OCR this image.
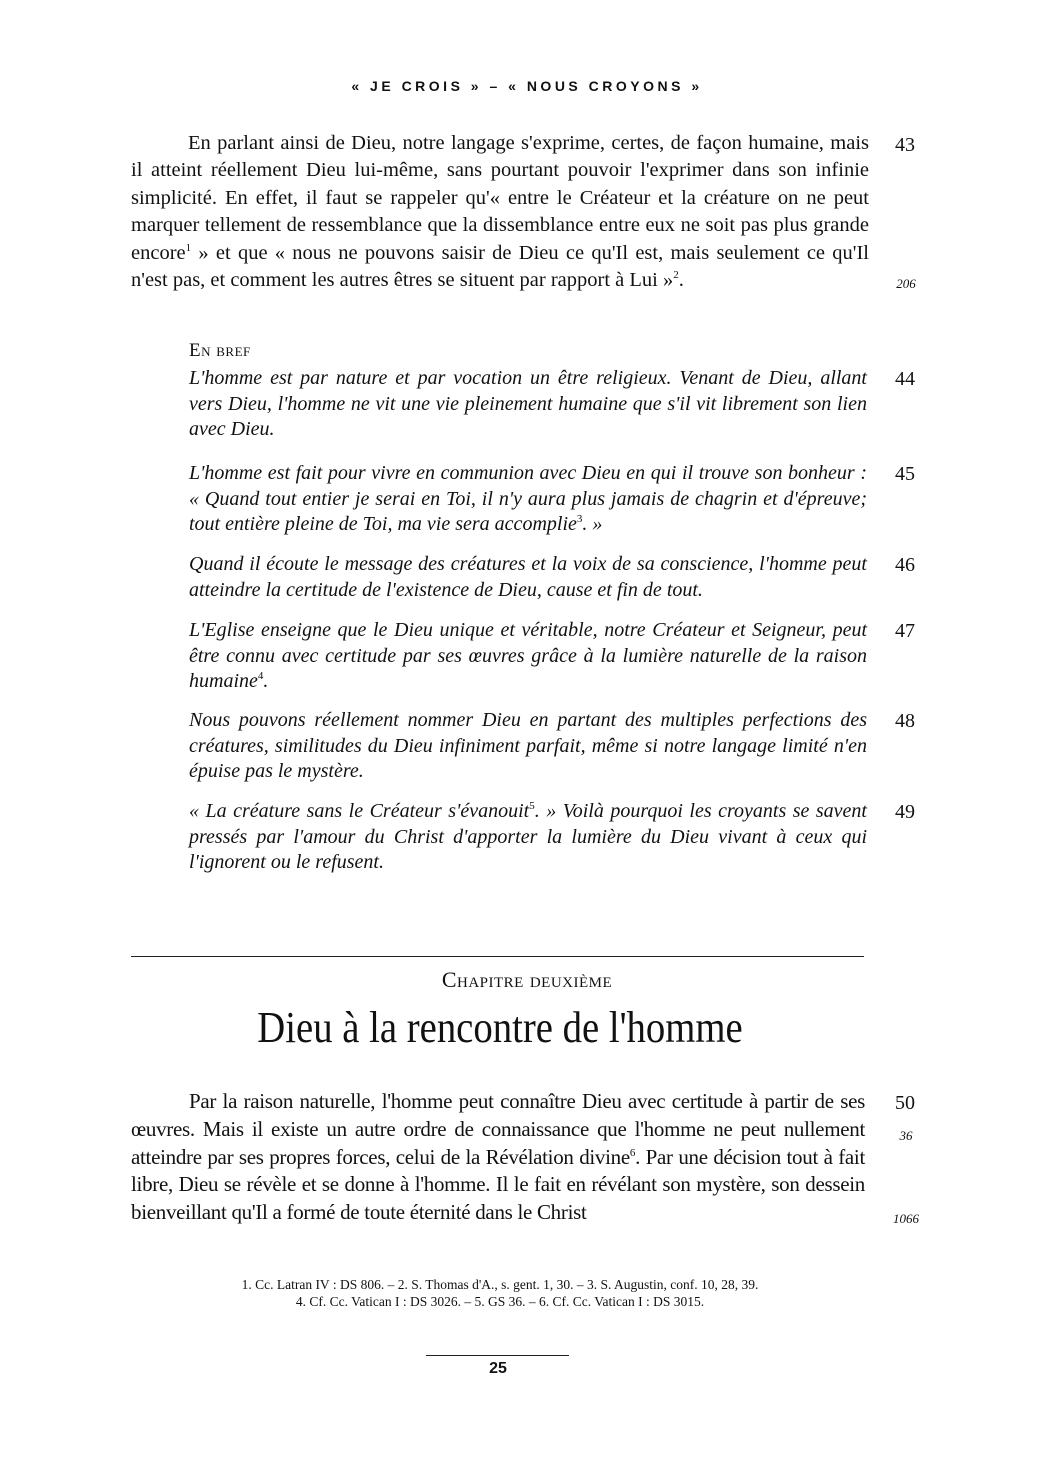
« JE CROIS » – « NOUS CROYONS »

En parlant ainsi de Dieu, notre langage s'exprime, certes, de façon humaine, mais il atteint réellement Dieu lui-même, sans pourtant pouvoir l'exprimer dans son infinie simplicité. En effet, il faut se rappeler qu'« entre le Créateur et la créature on ne peut marquer tellement de ressemblance que la dissemblance entre eux ne soit pas plus grande encore$^1$ » et que « nous ne pouvons saisir de Dieu ce qu'Il est, mais seulement ce qu'Il n'est pas, et comment les autres êtres se situent par rapport à Lui »$^2$.

43
206
En bref
L'homme est par nature et par vocation un être religieux. Venant de Dieu, allant vers Dieu, l'homme ne vit une vie pleinement humaine que s'il vit librement son lien avec Dieu.
44
L'homme est fait pour vivre en communion avec Dieu en qui il trouve son bonheur : « Quand tout entier je serai en Toi, il n'y aura plus jamais de chagrin et d'épreuve; tout entière pleine de Toi, ma vie sera accomplie$^3$. »
45
Quand il écoute le message des créatures et la voix de sa conscience, l'homme peut atteindre la certitude de l'existence de Dieu, cause et fin de tout.
46
L'Eglise enseigne que le Dieu unique et véritable, notre Créateur et Seigneur, peut être connu avec certitude par ses œuvres grâce à la lumière naturelle de la raison humaine$^4$.
47
Nous pouvons réellement nommer Dieu en partant des multiples perfections des créatures, similitudes du Dieu infiniment parfait, même si notre langage limité n'en épuise pas le mystère.
48
« La créature sans le Créateur s'évanouit$^5$. » Voilà pourquoi les croyants se savent pressés par l'amour du Christ d'apporter la lumière du Dieu vivant à ceux qui l'ignorent ou le refusent.
49
Chapitre deuxième
Dieu à la rencontre de l'homme

Par la raison naturelle, l'homme peut connaître Dieu avec certitude à partir de ses œuvres. Mais il existe un autre ordre de connaissance que l'homme ne peut nullement atteindre par ses propres forces, celui de la Révélation divine$^6$. Par une décision tout à fait libre, Dieu se révèle et se donne à l'homme. Il le fait en révélant son mystère, son dessein bienveillant qu'Il a formé de toute éternité dans le Christ

50
36
1066
1. Cc. Latran IV : DS 806. – 2. S. Thomas d'A., s. gent. 1, 30. – 3. S. Augustin, conf. 10, 28, 39.
4. Cf. Cc. Vatican I : DS 3026. – 5. GS 36. – 6. Cf. Cc. Vatican I : DS 3015.
25
